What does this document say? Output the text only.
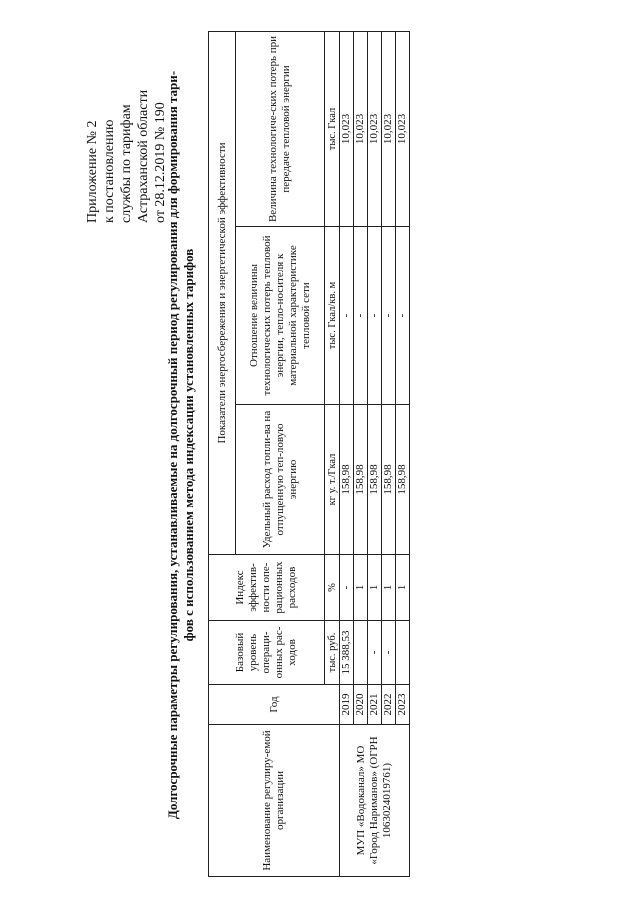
Приложение № 2 к постановлению службы по тарифам Астраханской области от 28.12.2019 № 190
Долгосрочные параметры регулирования, устанавливаемые на долгосрочный период регулирования для формирования тари- фов с использованием метода индексации установленных тарифов
Наименование регулиру-емой организации	Год	Базовый уровень операци-онных рас-ходов	Индекс эффектив-ности опе-рационных расходов	Показатели энергосбережения и энергетической эффективности		
				Удельный расход топли-ва на отпущенную теп-ловую энергию	Отношение величины технологических потерь тепловой энергии, тепло-носителя к материальной характеристике тепловой сети	Величина технологиче-ских потерь при передаче тепловой энергии
		тыс. руб.	%	кг у. т./Гкал	тыс. Гкал/кв. м	тыс. Гкал
МУП «Водоканал» МО «Город Нариманов» (ОГРН 1063024019761)	2019	15 388,53	-	158,98	-	10,023
	2020		1	158,98	-	10,023
	2021	-	1	158,98	-	10,023
	2022	-	1	158,98	-	10,023
	2023		1	158,98	-	10,023
